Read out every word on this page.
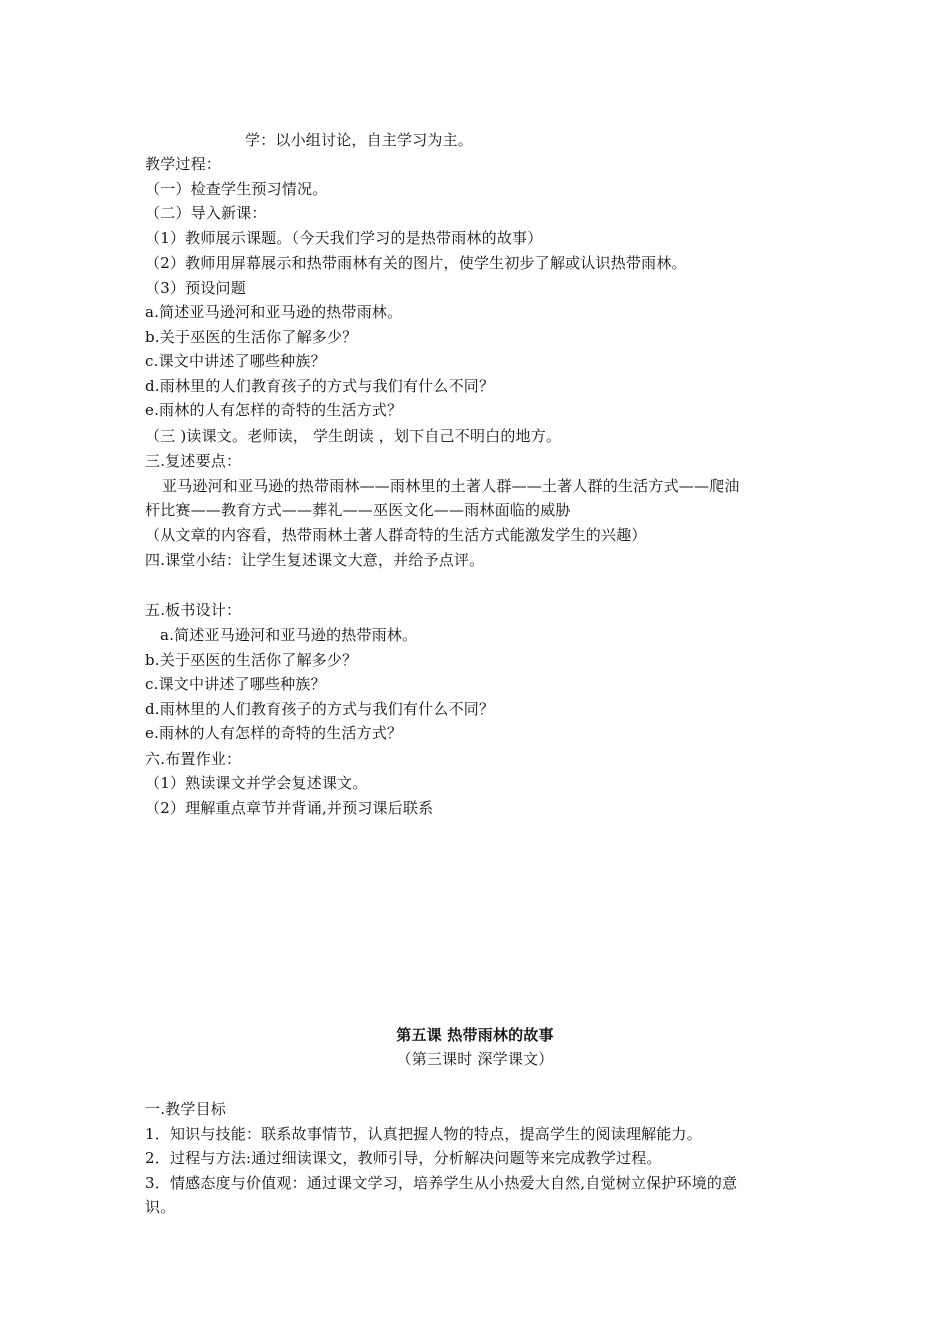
学：以小组讨论，自主学习为主。
教学过程：
（一）检查学生预习情况。
（二）导入新课：
（1）教师展示课题。（今天我们学习的是热带雨林的故事）
（2）教师用屏幕展示和热带雨林有关的图片，使学生初步了解或认识热带雨林。
（3）预设问题
a.简述亚马逊河和亚马逊的热带雨林。
b.关于巫医的生活你了解多少？
c.课文中讲述了哪些种族？
d.雨林里的人们教育孩子的方式与我们有什么不同？
e.雨林的人有怎样的奇特的生活方式？
（三 )读课文。老师读， 学生朗读 ，划下自己不明白的地方。
三.复述要点：
亚马逊河和亚马逊的热带雨林——雨林里的土著人群——土著人群的生活方式——爬油
杆比赛——教育方式——葬礼——巫医文化——雨林面临的威胁
（从文章的内容看，热带雨林土著人群奇特的生活方式能激发学生的兴趣）
四.课堂小结：让学生复述课文大意，并给予点评。
五.板书设计：
a.简述亚马逊河和亚马逊的热带雨林。
b.关于巫医的生活你了解多少？
c.课文中讲述了哪些种族？
d.雨林里的人们教育孩子的方式与我们有什么不同？
e.雨林的人有怎样的奇特的生活方式？
六.布置作业：
（1）熟读课文并学会复述课文。
（2）理解重点章节并背诵,并预习课后联系
第五课 热带雨林的故事
（第三课时 深学课文）
一.教学目标
1．知识与技能：联系故事情节，认真把握人物的特点，提高学生的阅读理解能力。
2．过程与方法:通过细读课文，教师引导，分析解决问题等来完成教学过程。
3．情感态度与价值观：通过课文学习，培养学生从小热爱大自然,自觉树立保护环境的意
识。
